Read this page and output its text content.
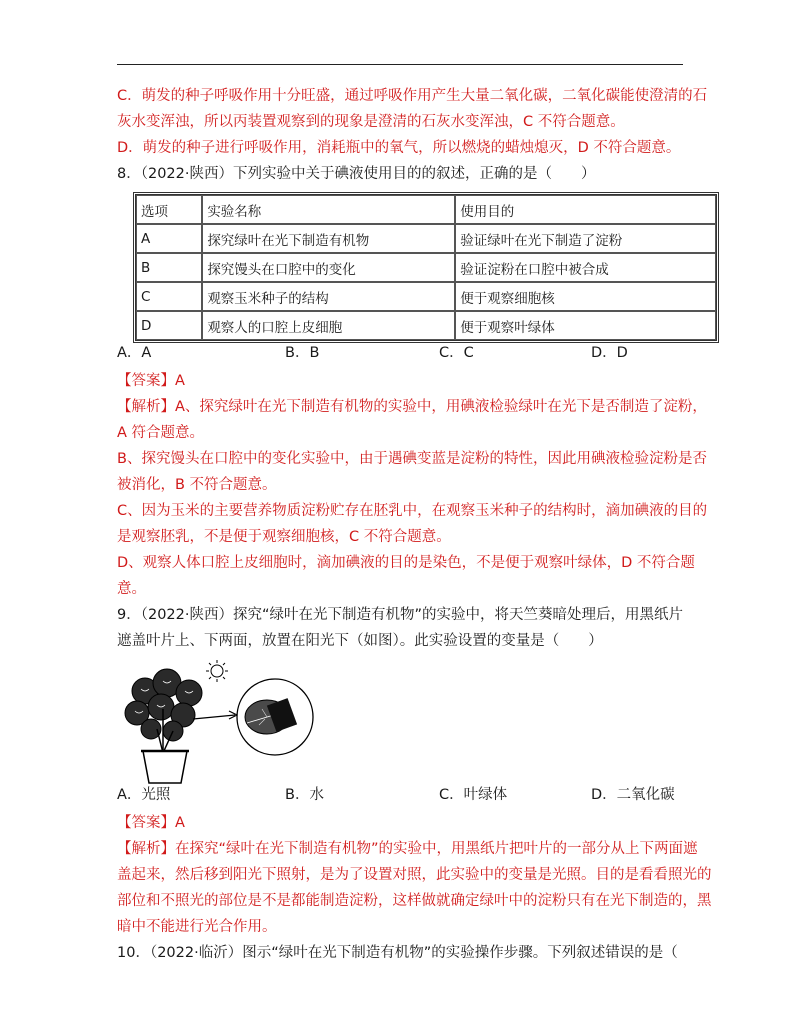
C．萌发的种子呼吸作用十分旺盛，通过呼吸作用产生大量二氧化碳，二氧化碳能使澄清的石
灰水变浑浊，所以丙装置观察到的现象是澄清的石灰水变浑浊，C 不符合题意。
D．萌发的种子进行呼吸作用，消耗瓶中的氧气，所以燃烧的蜡烛熄灭，D 不符合题意。
8．（2022·陕西）下列实验中关于碘液使用目的的叙述，正确的是（　　）
选项	实验名称	使用目的
A	探究绿叶在光下制造有机物	验证绿叶在光下制造了淀粉
B	探究馒头在口腔中的变化	验证淀粉在口腔中被合成
C	观察玉米种子的结构	便于观察细胞核
D	观察人的口腔上皮细胞	便于观察叶绿体
A．A	B．B	C．C	D．D
【答案】A
【解析】A、探究绿叶在光下制造有机物的实验中，用碘液检验绿叶在光下是否制造了淀粉，
A 符合题意。
B、探究馒头在口腔中的变化实验中，由于遇碘变蓝是淀粉的特性，因此用碘液检验淀粉是否
被消化，B 不符合题意。
C、因为玉米的主要营养物质淀粉贮存在胚乳中，在观察玉米种子的结构时，滴加碘液的目的
是观察胚乳，不是便于观察细胞核，C 不符合题意。
D、观察人体口腔上皮细胞时，滴加碘液的目的是染色，不是便于观察叶绿体，D 不符合题
意。
9．（2022·陕西）探究“绿叶在光下制造有机物”的实验中，将天竺葵暗处理后，用黑纸片
遮盖叶片上、下两面，放置在阳光下（如图）。此实验设置的变量是（　　）
A．光照	B．水	C．叶绿体	D．二氧化碳
【答案】A
【解析】在探究“绿叶在光下制造有机物”的实验中，用黑纸片把叶片的一部分从上下两面遮
盖起来，然后移到阳光下照射，是为了设置对照，此实验中的变量是光照。目的是看看照光的
部位和不照光的部位是不是都能制造淀粉，这样做就确定绿叶中的淀粉只有在光下制造的，黑
暗中不能进行光合作用。
10．（2022·临沂）图示“绿叶在光下制造有机物”的实验操作步骤。下列叙述错误的是（
